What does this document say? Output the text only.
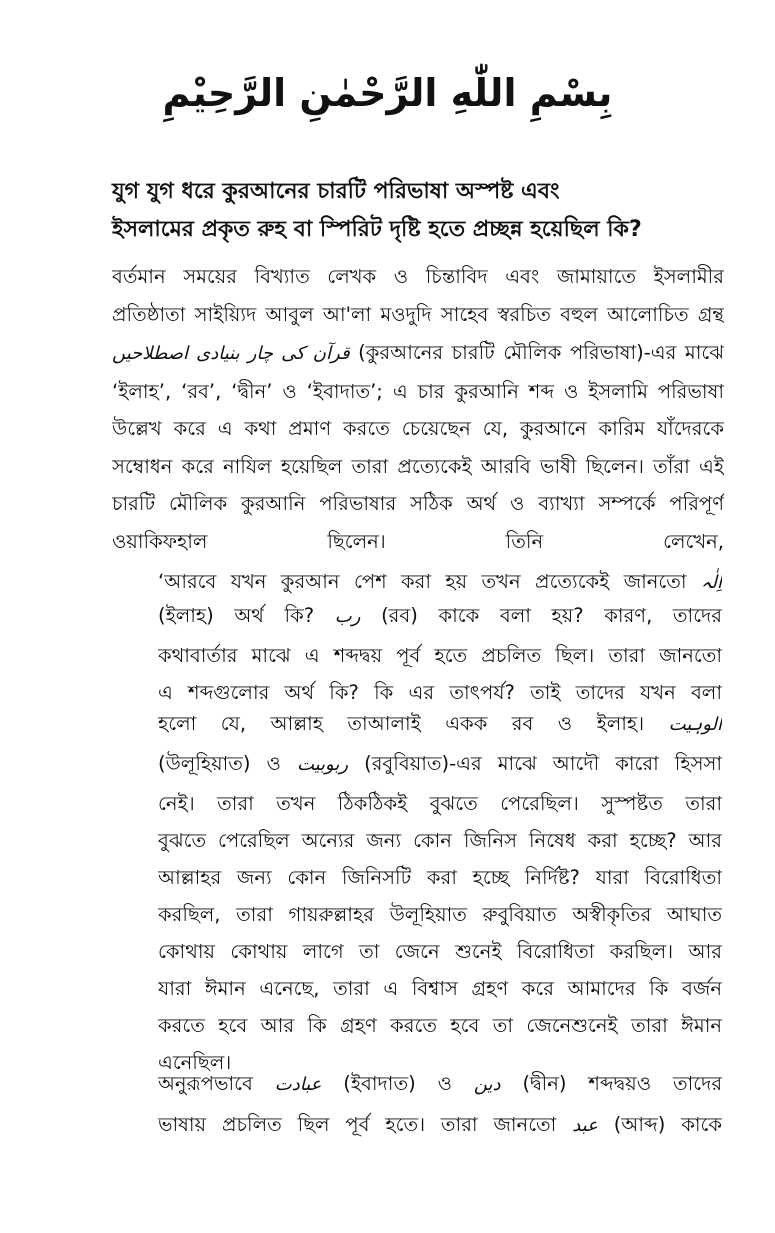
بِسْمِ اللّٰهِ الرَّحْمٰنِ الرَّحِيْمِ
যুগ যুগ ধরে কুরআনের চারটি পরিভাষা অস্পষ্ট এবং
ইসলামের প্রকৃত রুহ বা স্পিরিট দৃষ্টি হতে প্রচ্ছন্ন হয়েছিল কি?
বর্তমান সময়ের বিখ্যাত লেখক ও চিন্তাবিদ এবং জামায়াতে ইসলামীর
প্রতিষ্ঠাতা সাইয়্যিদ আবুল আ'লা মওদুদি সাহেব স্বরচিত বহুল আলোচিত গ্রন্থ
قرآن کی چار بنیادی اصطلاحیں (কুরআনের চারটি মৌলিক পরিভাষা)-এর মাঝে
‘ইলাহ’, ‘রব’, ‘দ্বীন’ ও ‘ইবাদাত’; এ চার কুরআনি শব্দ ও ইসলামি পরিভাষা
উল্লেখ করে এ কথা প্রমাণ করতে চেয়েছেন যে, কুরআনে কারিম যাঁদেরকে
সম্বোধন করে নাযিল হয়েছিল তারা প্রত্যেকেই আরবি ভাষী ছিলেন। তাঁরা এই
চারটি মৌলিক কুরআনি পরিভাষার সঠিক অর্থ ও ব্যাখ্যা সম্পর্কে পরিপূর্ণ
ওয়াকিফহাল ছিলেন। তিনি লেখেন,
‘আরবে যখন কুরআন পেশ করা হয় তখন প্রত্যেকেই জানতো اِلٰہ
(ইলাহ) অর্থ কি? رب (রব) কাকে বলা হয়? কারণ, তাদের
কথাবার্তার মাঝে এ শব্দদ্বয় পূর্ব হতে প্রচলিত ছিল। তারা জানতো
এ শব্দগুলোর অর্থ কি? কি এর তাৎপর্য? তাই তাদের যখন বলা
হলো যে, আল্লাহ তাআলাই একক রব ও ইলাহ। الوہیت
(উলূহিয়াত) ও ربوبیت (রবুবিয়াত)-এর মাঝে আদৌ কারো হিসসা
নেই। তারা তখন ঠিকঠিকই বুঝতে পেরেছিল। সুস্পষ্টত তারা
বুঝতে পেরেছিল অন্যের জন্য কোন জিনিস নিষেধ করা হচ্ছে? আর
আল্লাহর জন্য কোন জিনিসটি করা হচ্ছে নির্দিষ্ট? যারা বিরোধিতা
করছিল, তারা গায়রুল্লাহর উলূহিয়াত রুবুবিয়াত অস্বীকৃতির আঘাত
কোথায় কোথায় লাগে তা জেনে শুনেই বিরোধিতা করছিল। আর
যারা ঈমান এনেছে, তারা এ বিশ্বাস গ্রহণ করে আমাদের কি বর্জন
করতে হবে আর কি গ্রহণ করতে হবে তা জেনেশুনেই তারা ঈমান
এনেছিল।
অনুরূপভাবে عبادت (ইবাদাত) ও دین (দ্বীন) শব্দদ্বয়ও তাদের
ভাষায় প্রচলিত ছিল পূর্ব হতে। তারা জানতো عبد (আব্দ) কাকে
